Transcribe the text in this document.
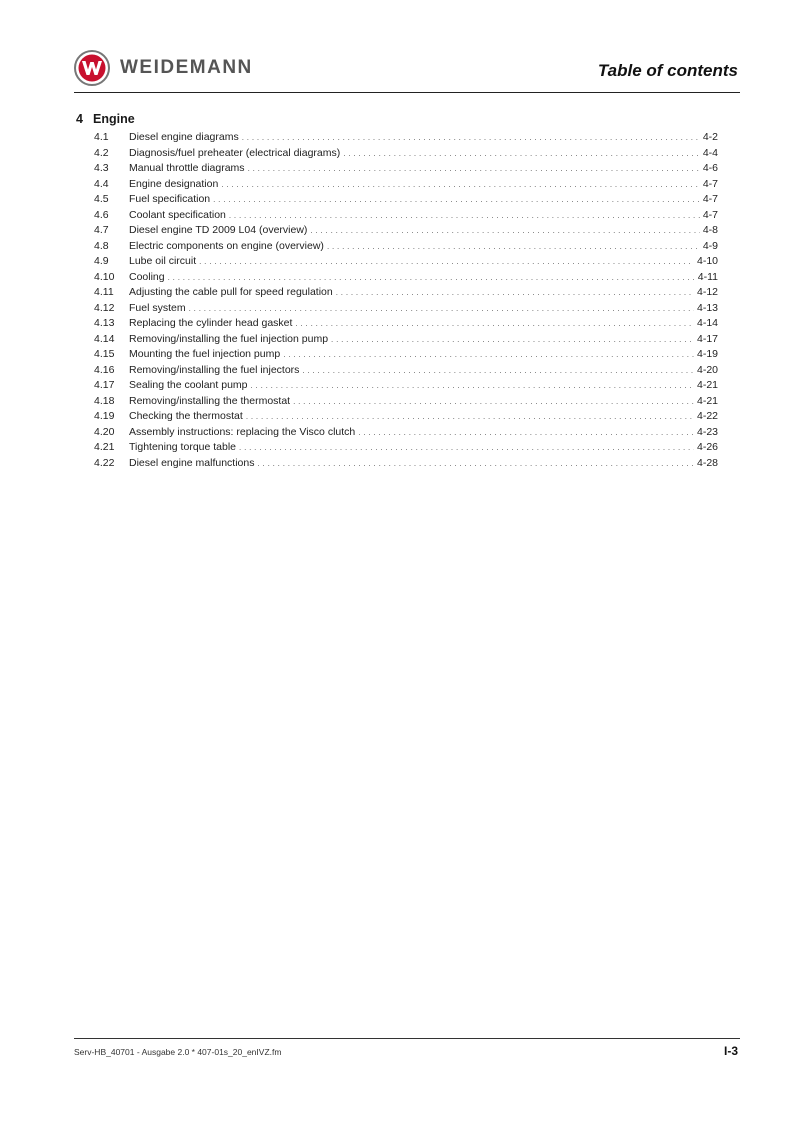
WEIDEMANN	Table of contents
4 Engine
4.1	Diesel engine diagrams . . .	4-2
4.2	Diagnosis/fuel preheater (electrical diagrams) . . .	4-4
4.3	Manual throttle diagrams . . .	4-6
4.4	Engine designation . . .	4-7
4.5	Fuel specification . . .	4-7
4.6	Coolant specification . . .	4-7
4.7	Diesel engine TD 2009 L04 (overview) . . .	4-8
4.8	Electric components on engine (overview) . . .	4-9
4.9	Lube oil circuit . . .	4-10
4.10	Cooling . . .	4-11
4.11	Adjusting the cable pull for speed regulation . . .	4-12
4.12	Fuel system . . .	4-13
4.13	Replacing the cylinder head gasket . . .	4-14
4.14	Removing/installing the fuel injection pump . . .	4-17
4.15	Mounting the fuel injection pump . . .	4-19
4.16	Removing/installing the fuel injectors . . .	4-20
4.17	Sealing the coolant pump . . .	4-21
4.18	Removing/installing the thermostat . . .	4-21
4.19	Checking the thermostat . . .	4-22
4.20	Assembly instructions: replacing the Visco clutch . . .	4-23
4.21	Tightening torque table . . .	4-26
4.22	Diesel engine malfunctions . . .	4-28
Serv-HB_40701 - Ausgabe 2.0 * 407-01s_20_enIVZ.fm	I-3
